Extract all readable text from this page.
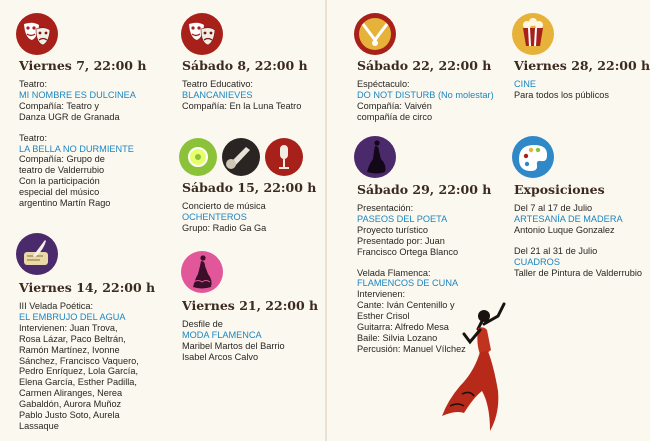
Viernes 7, 22:00 h
Teatro:
MI NOMBRE ES DULCINEA
Compañía: Teatro y
Danza UGR de Granada
Teatro:
LA BELLA NO DURMIENTE
Compañía: Grupo de
teatro de Valderrubio
Con la participación
especial del músico
argentino Martín Rago
Viernes 14, 22:00 h
III Velada Poética:
EL EMBRUJO DEL AGUA
Intervienen: Juan Trova,
Rosa Lázar, Paco Beltrán,
Ramón Martínez, Ivonne
Sánchez, Francisco Vaquero,
Pedro Enríquez, Lola García,
Elena García, Esther Padilla,
Carmen Aliranges, Nerea
Gabaldón, Aurora Muñoz
Pablo Justo Soto, Aurela
Lassaque
Sábado 8, 22:00 h
Teatro Educativo:
BLANCANIEVES
Compañía: En la Luna Teatro
Sábado 15, 22:00 h
Concierto de música
OCHENTEROS
Grupo: Radio Ga Ga
Viernes 21, 22:00 h
Desfile de
MODA FLAMENCA
Maribel Martos del Barrio
Isabel Arcos Calvo
Sábado 22, 22:00 h
Espéctaculo:
DO NOT DISTURB (No molestar)
Compañía: Vaivén
compañía de circo
Sábado 29, 22:00 h
Presentación:
PASEOS DEL POETA
Proyecto turístico
Presentado por: Juan
Francisco Ortega Blanco
Velada Flamenca:
FLAMENCOS DE CUNA
Intervienen:
Cante: Iván Centenillo y
Esther Crisol
Guitarra: Alfredo Mesa
Baile: Silvia Lozano
Percusión: Manuel Vílchez
Viernes 28, 22:00 h
CINE
Para todos los públicos
Exposiciones
Del 7 al 17 de Julio
ARTESANÍA DE MADERA
Antonio Luque Gonzalez
Del 21 al 31 de Julio
CUADROS
Taller de Pintura de Valderrubio
